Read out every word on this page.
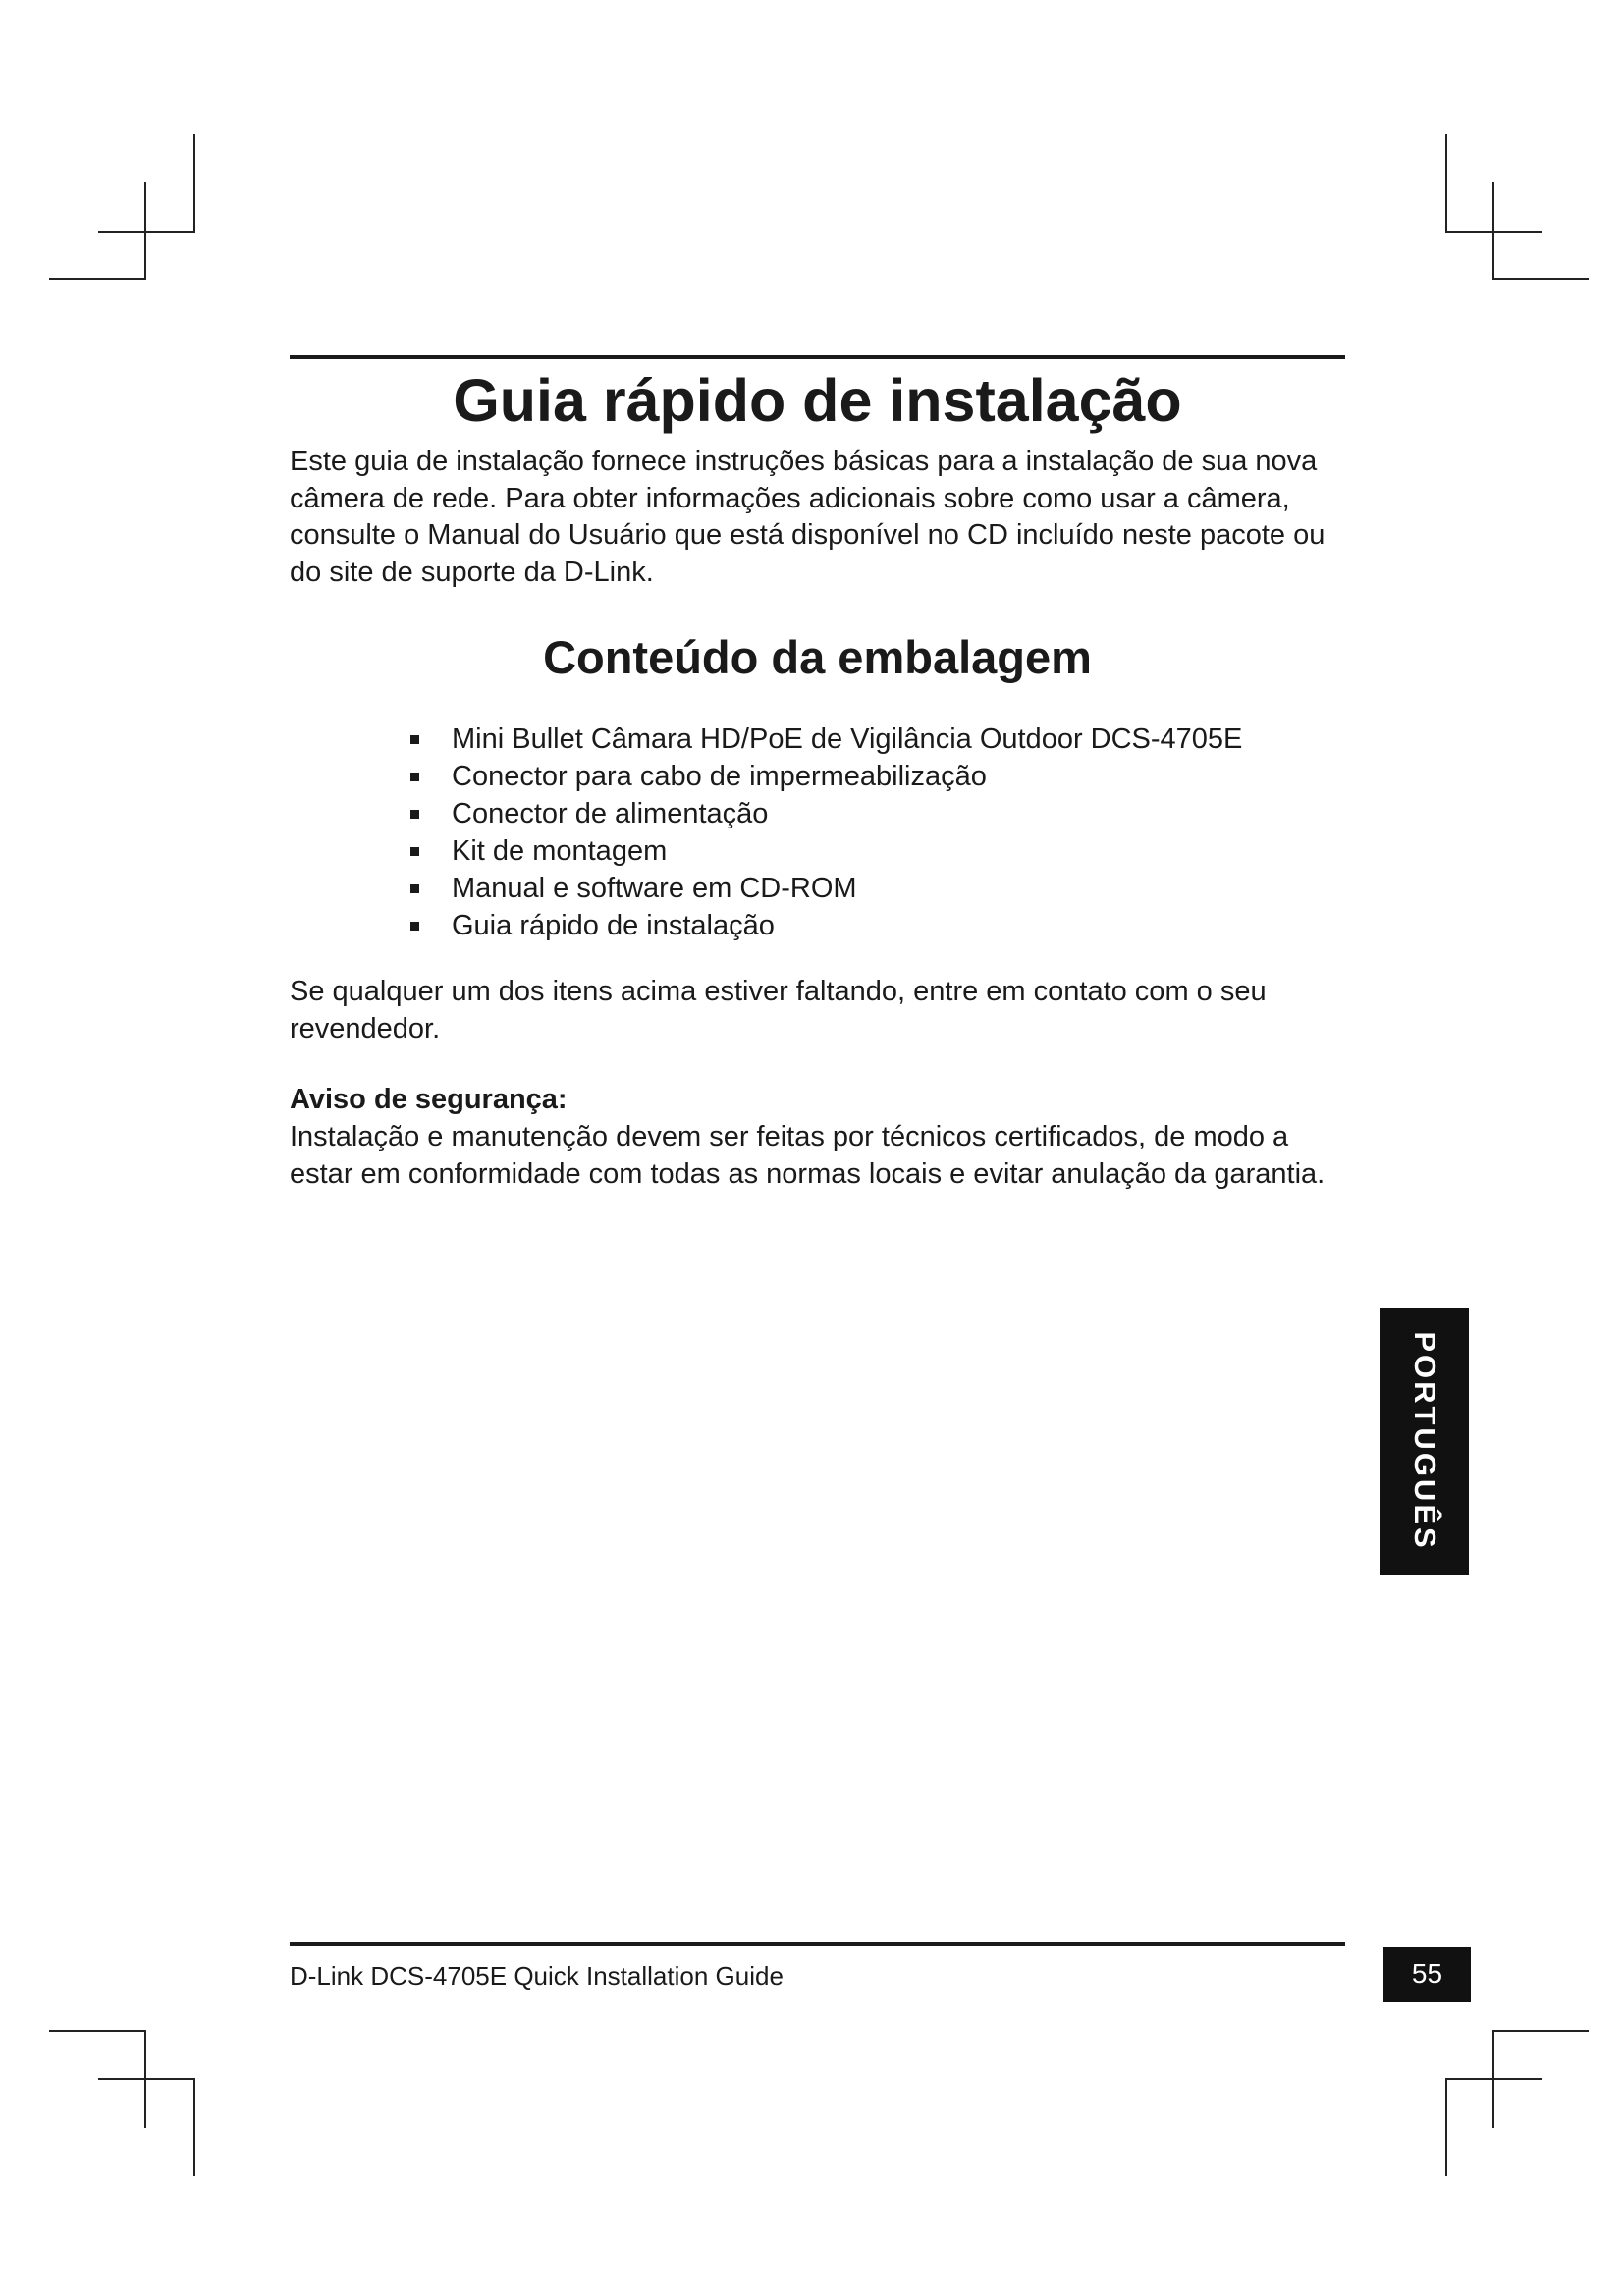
Guia rápido de instalação

Este guia de instalação fornece instruções básicas para a instalação de sua nova câmera de rede. Para obter informações adicionais sobre como usar a câmera, consulte o Manual do Usuário que está disponível no CD incluído neste pacote ou do site de suporte da D-Link.

Conteúdo da embalagem
Mini Bullet Câmara HD/PoE de Vigilância Outdoor DCS-4705E
Conector para cabo de impermeabilização
Conector de alimentação
Kit de montagem
Manual e software em CD-ROM
Guia rápido de instalação

Se qualquer um dos itens acima estiver faltando, entre em contato com o seu revendedor.

Aviso de segurança:

Instalação e manutenção devem ser feitas por técnicos certificados, de modo a estar em conformidade com todas as normas locais e evitar anulação da garantia.

PORTUGUÊS
D-Link DCS-4705E Quick Installation Guide	55
